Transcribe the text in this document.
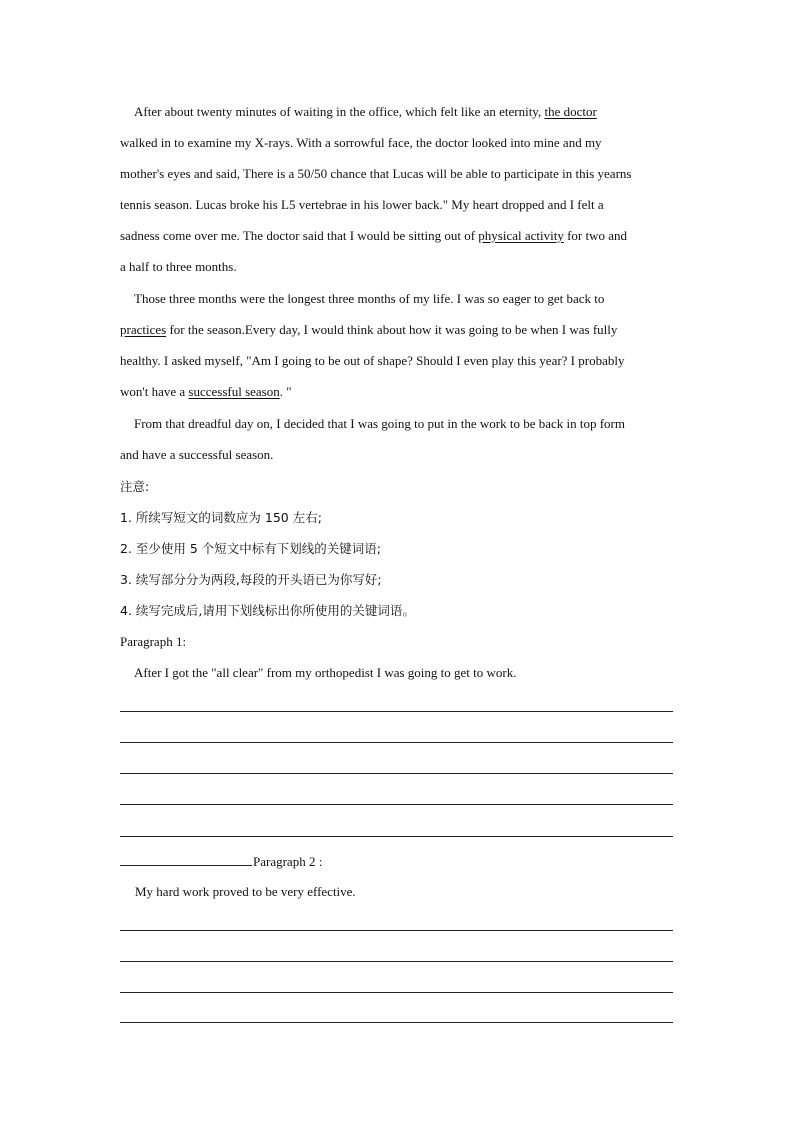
After about twenty minutes of waiting in the office, which felt like an eternity, the doctor
walked in to examine my X-rays. With a sorrowful face, the doctor looked into mine and my
mother's eyes and said, There is a 50/50 chance that Lucas will be able to participate in this yearns
tennis season. Lucas broke his L5 vertebrae in his lower back." My heart dropped and I felt a
sadness come over me. The doctor said that I would be sitting out of physical activity for two and
a half to three months.
Those three months were the longest three months of my life. I was so eager to get back to
practices for the season.Every day, I would think about how it was going to be when I was fully
healthy. I asked myself, "Am I going to be out of shape? Should I even play this year? I probably
won't have a successful season. "
From that dreadful day on, I decided that I was going to put in the work to be back in top form
and have a successful season.
注意:
1. 所续写短文的词数应为 150 左右;
2. 至少使用 5 个短文中标有下划线的关键词语;
3. 续写部分分为两段,每段的开头语已为你写好;
4. 续写完成后,请用下划线标出你所使用的关键词语。
Paragraph 1:
After I got the "all clear" from my orthopedist I was going to get to work.
Paragraph 2 :
My hard work proved to be very effective.
